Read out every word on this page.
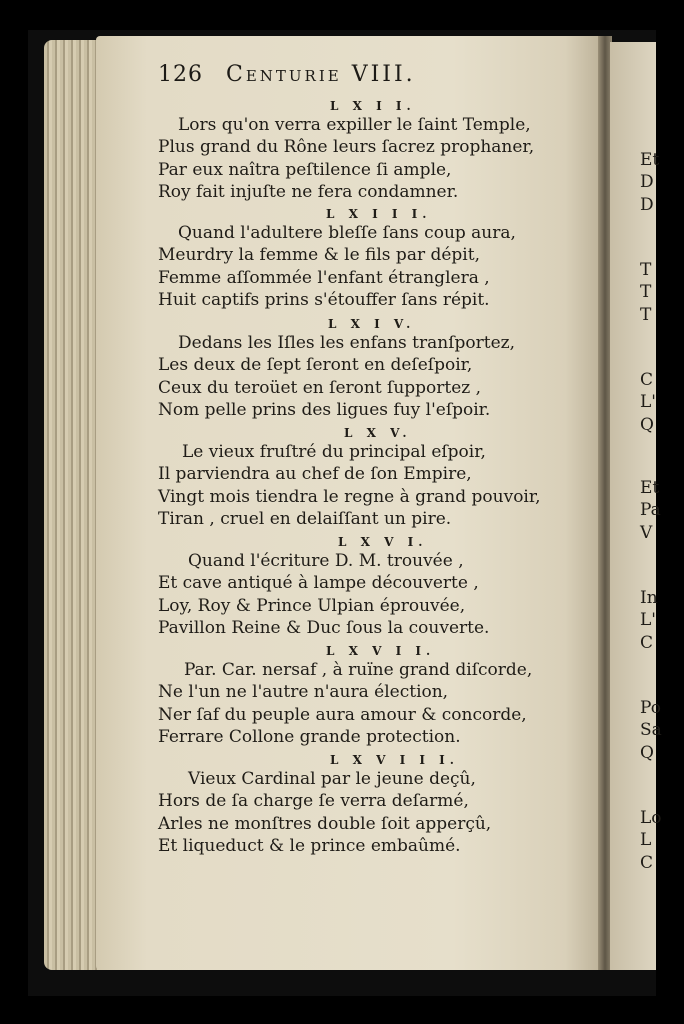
Et
D
D
T
T
T
C
L'
Q
Et
Pa
V
In
L'
C
Po
Sa
Q
Lo
L
C
126 Centurie VIII.
L X I I.
Lors qu'on verra expiller le ſaint Temple,
Plus grand du Rône leurs ſacrez prophaner,
Par eux naîtra peſtilence ſi ample,
Roy fait injuſte ne fera condamner.
L X I I I.
Quand l'adultere bleſſe ſans coup aura,
Meurdry la femme & le fils par dépit,
Femme aſſommée l'enfant étranglera ,
Huit captifs prins s'étouffer ſans répit.
L X I V.
Dedans les Iſles les enfans tranſportez,
Les deux de ſept ſeront en deſeſpoir,
Ceux du teroüet en ſeront ſupportez ,
Nom pelle prins des ligues fuy l'eſpoir.
L X V.
Le vieux fruſtré du principal eſpoir,
Il parviendra au chef de ſon Empire,
Vingt mois tiendra le regne à grand pouvoir,
Tiran , cruel en delaiſſant un pire.
L X V I.
Quand l'écriture D. M. trouvée ,
Et cave antiqué à lampe découverte ,
Loy, Roy & Prince Ulpian éprouvée,
Pavillon Reine & Duc ſous la couverte.
L X V I I.
Par. Car. nersaf , à ruïne grand diſcorde,
Ne l'un ne l'autre n'aura élection,
Ner ſaf du peuple aura amour & concorde,
Ferrare Collone grande protection.
L X V I I I.
Vieux Cardinal par le jeune deçû,
Hors de ſa charge ſe verra deſarmé,
Arles ne monſtres double ſoit apperçû,
Et liqueduct & le prince embaûmé.
